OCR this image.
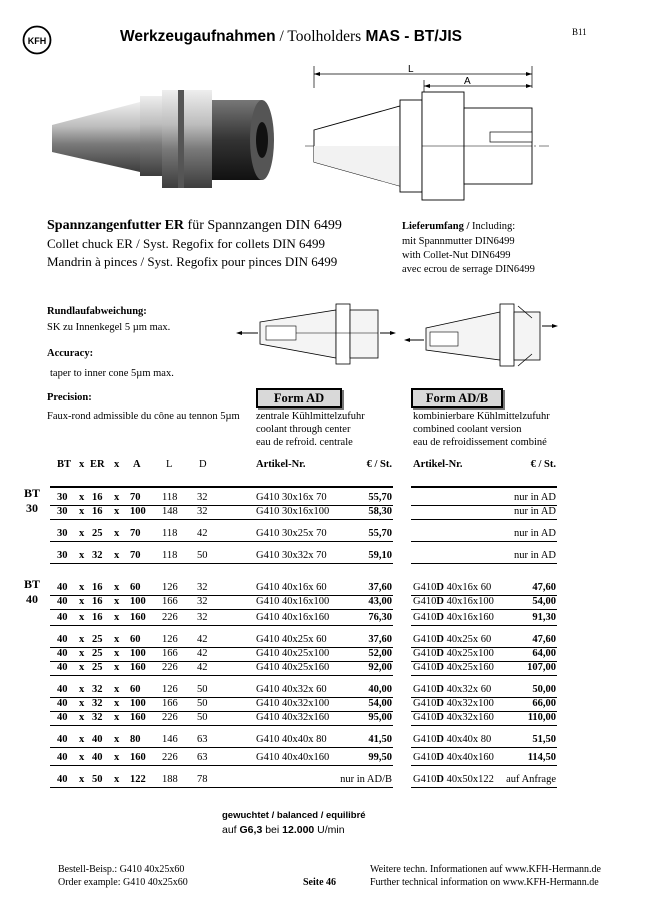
KFH	Werkzeugaufnahmen / Toolholders MAS - BT/JIS	B11
L
A
Spannzangenfutter ER für Spannzangen DIN 6499
Collet chuck ER / Syst. Regofix for collets DIN 6499
Mandrin à pinces / Syst. Regofix pour pinces DIN 6499
Lieferumfang / Including:
mit Spannmutter DIN6499
with Collet-Nut DIN6499
avec ecrou de serrage DIN6499
Rundlaufabweichung:
SK zu Innenkegel 5 µm max.
Accuracy:
taper to inner cone 5µm max.
Precision:
Faux-rond admissible du cône au tennon 5µm
Form AD	Form AD/B
zentrale Kühlmittelzufuhr
coolant through center
eau de refroid. centrale
kombinierbare Kühlmittelzufuhr
combined coolant version
eau de refroidissement combiné
BT x ER x A L	D	Artikel-Nr.	€ / St. Artikel-Nr.	€ / St.
BT
30
BT
40
30 x 16 x 70 118 32	G410 30x16x 70	55,70	nur in AD
30 x 16 x 100 148 32	G410 30x16x100	58,30	nur in AD
30 x 25 x 70 118 42	G410 30x25x 70	55,70	nur in AD
30 x 32 x 70 118 50	G410 30x32x 70	59,10	nur in AD
40 x 16 x 60 126 32	G410 40x16x 60	37,60 G410D 40x16x 60	47,60
40 x 16 x 100 166 32	G410 40x16x100	43,00 G410D 40x16x100	54,00
40 x 16 x 160 226 32	G410 40x16x160	76,30 G410D 40x16x160	91,30
40 x 25 x 60 126 42	G410 40x25x 60	37,60 G410D 40x25x 60	47,60
40 x 25 x 100 166 42	G410 40x25x100	52,00 G410D 40x25x100	64,00
40 x 25 x 160 226 42	G410 40x25x160	92,00 G410D 40x25x160	107,00
40 x 32 x 60 126 50	G410 40x32x 60	40,00 G410D 40x32x 60	50,00
40 x 32 x 100 166 50	G410 40x32x100	54,00 G410D 40x32x100	66,00
40 x 32 x 160 226 50	G410 40x32x160	95,00 G410D 40x32x160	110,00
40 x 40 x 80 146 63	G410 40x40x 80	41,50 G410D 40x40x 80	51,50
40 x 40 x 160 226 63	G410 40x40x160	99,50 G410D 40x40x160	114,50
40 x 50 x 122 188 78	nur in AD/B G410D 40x50x122	auf Anfrage
gewuchtet / balanced / equilibré
auf G6,3 bei 12.000 U/min
Bestell-Beisp.: G410 40x25x60
Order example: G410 40x25x60	Seite 46
Weitere techn. Informationen auf www.KFH-Hermann.de
Further technical information on www.KFH-Hermann.de
